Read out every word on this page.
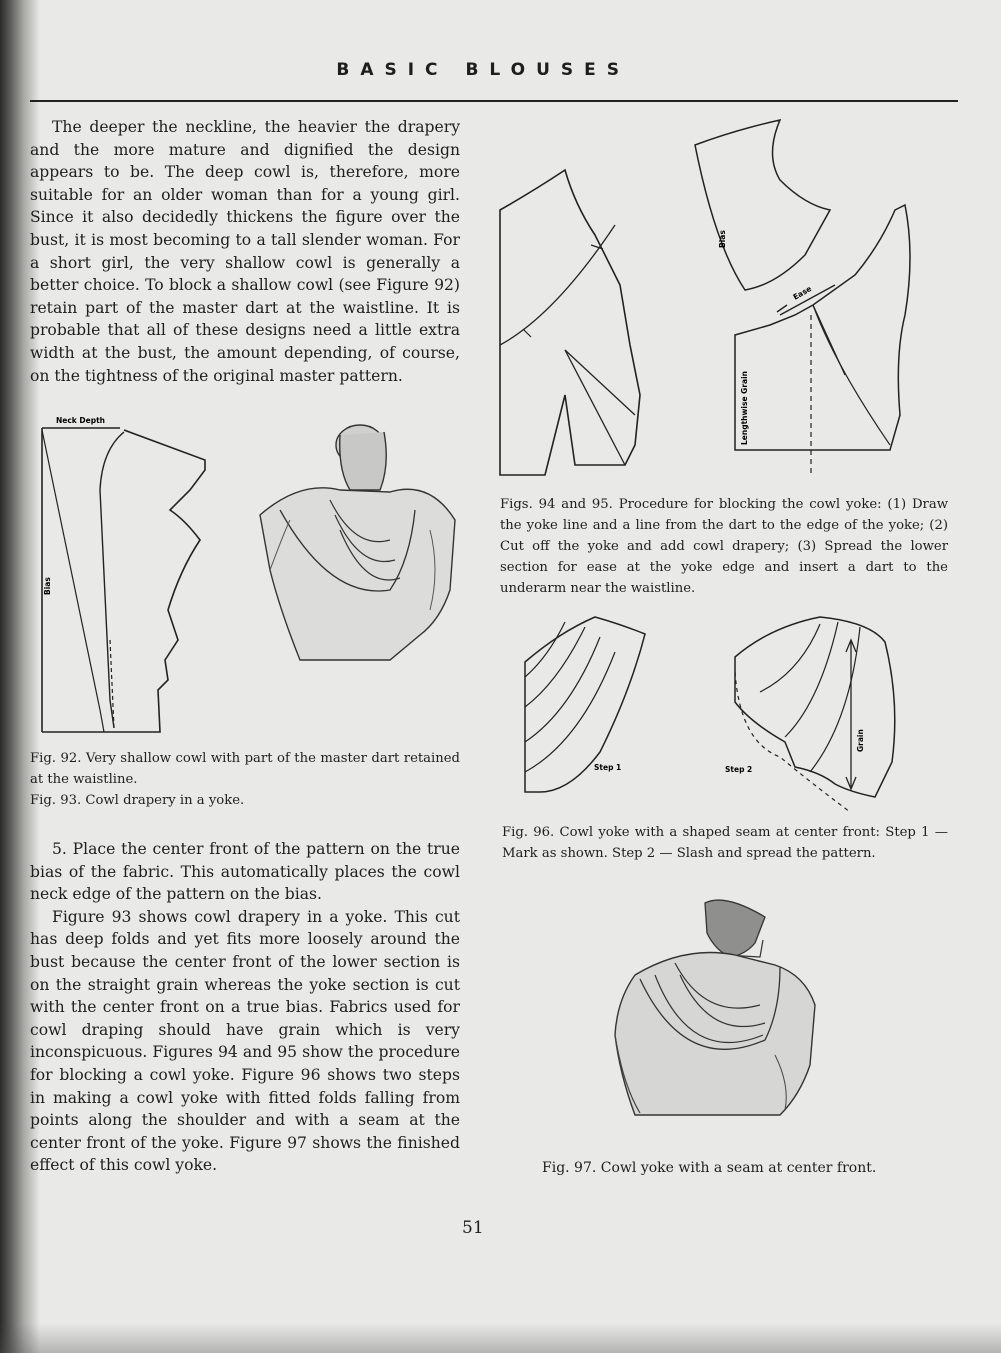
BASIC BLOUSES

The deeper the neckline, the heavier the drapery and the more mature and dignified the design appears to be. The deep cowl is, therefore, more suitable for an older woman than for a young girl. Since it also decidedly thickens the figure over the bust, it is most becoming to a tall slender woman. For a short girl, the very shallow cowl is generally a better choice. To block a shallow cowl (see Figure 92) retain part of the master dart at the waistline. It is probable that all of these designs need a little extra width at the bust, the amount depending, of course, on the tightness of the original master pattern.

Neck Depth
Bias
Fig. 92. Very shallow cowl with part of the master dart retained at the waistline.
Fig. 93. Cowl drapery in a yoke.

5. Place the center front of the pattern on the true bias of the fabric. This automatically places the cowl neck edge of the pattern on the bias.

Figure 93 shows cowl drapery in a yoke. This cut has deep folds and yet fits more loosely around the bust because the center front of the lower section is on the straight grain whereas the yoke section is cut with the center front on a true bias. Fabrics used for cowl draping should have grain which is very inconspicuous. Figures 94 and 95 show the procedure for blocking a cowl yoke. Figure 96 shows two steps in making a cowl yoke with fitted folds falling from points along the shoulder and with a seam at the center front of the yoke. Figure 97 shows the finished effect of this cowl yoke.

Bias
Lengthwise Grain
Ease
Figs. 94 and 95. Procedure for blocking the cowl yoke: (1) Draw the yoke line and a line from the dart to the edge of the yoke; (2) Cut off the yoke and add cowl drapery; (3) Spread the lower section for ease at the yoke edge and insert a dart to the underarm near the waistline.
Step 1
Grain
Step 2
Fig. 96. Cowl yoke with a shaped seam at center front: Step 1 — Mark as shown. Step 2 — Slash and spread the pattern.
Fig. 97. Cowl yoke with a seam at center front.
51
